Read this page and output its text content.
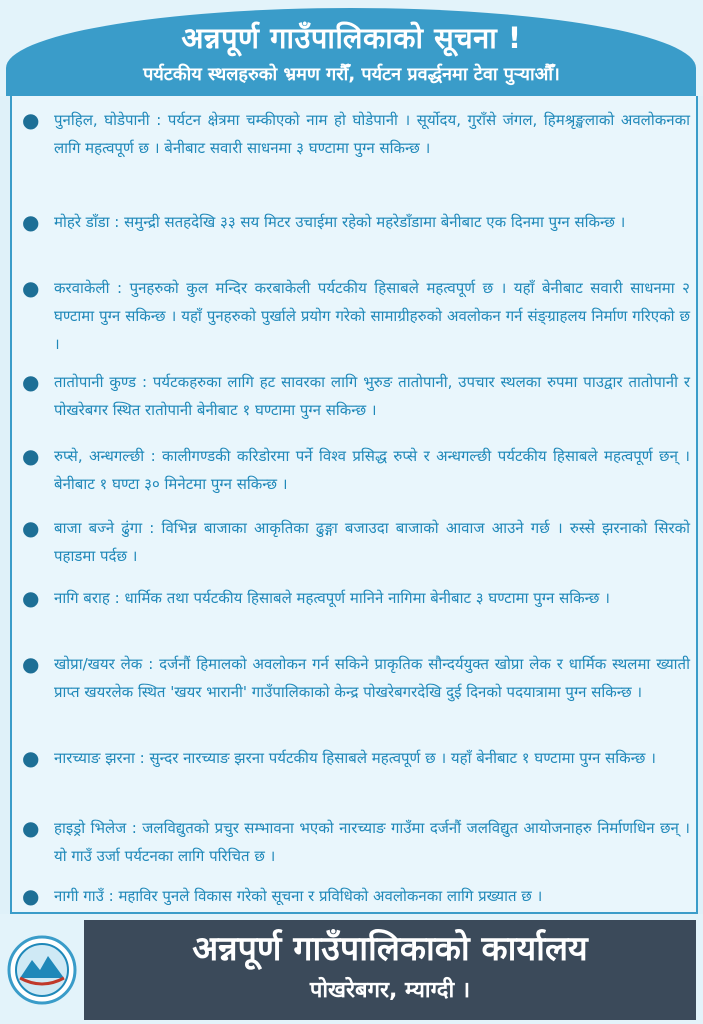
अन्नपूर्ण गाउँपालिकाको सूचना !
पर्यटकीय स्थलहरुको भ्रमण गरौँ, पर्यटन प्रवर्द्धनमा टेवा पुर्‍याऔँ।
● पुनहिल, घोडेपानी : पर्यटन क्षेत्रमा चम्कीएको नाम हो घोडेपानी । सूर्योदय, गुराँसे जंगल, हिमश्रृङ्खलाको अवलोकनका लागि महत्वपूर्ण छ । बेनीबाट सवारी साधनमा ३ घण्टामा पुग्न सकिन्छ ।
● मोहरे डाँडा : समुन्द्री सतहदेखि ३३ सय मिटर उचाईमा रहेको महरेडाँडामा बेनीबाट एक दिनमा पुग्न सकिन्छ ।
● करवाकेली : पुनहरुको कुल मन्दिर करबाकेली पर्यटकीय हिसाबले महत्वपूर्ण छ । यहाँ बेनीबाट सवारी साधनमा २ घण्टामा पुग्न सकिन्छ । यहाँ पुनहरुको पुर्खाले प्रयोग गरेको सामाग्रीहरुको अवलोकन गर्न संङ्ग्राहलय निर्माण गरिएको छ ।
● तातोपानी कुण्ड : पर्यटकहरुका लागि हट सावरका लागि भुरुङ तातोपानी, उपचार स्थलका रुपमा पाउद्वार तातोपानी र पोखरेबगर स्थित रातोपानी बेनीबाट १ घण्टामा पुग्न सकिन्छ ।
● रुप्से, अन्धगल्छी : कालीगण्डकी करिडोरमा पर्ने विश्व प्रसिद्ध रुप्से र अन्धगल्छी पर्यटकीय हिसाबले महत्वपूर्ण छन् । बेनीबाट १ घण्टा ३० मिनेटमा पुग्न सकिन्छ ।
● बाजा बज्ने ढुंगा : विभिन्न बाजाका आकृतिका ढुङ्गा बजाउदा बाजाको आवाज आउने गर्छ । रुस्से झरनाको सिरको पहाडमा पर्दछ ।
● नागि बराह : धार्मिक तथा पर्यटकीय हिसाबले महत्वपूर्ण मानिने नागिमा बेनीबाट ३ घण्टामा पुग्न सकिन्छ ।
● खोप्रा/खयर लेक : दर्जनौं हिमालको अवलोकन गर्न सकिने प्राकृतिक सौन्दर्ययुक्त खोप्रा लेक र धार्मिक स्थलमा ख्याती प्राप्त खयरलेक स्थित 'खयर भारानी' गाउँपालिकाको केन्द्र पोखरेबगरदेखि दुई दिनको पदयात्रामा पुग्न सकिन्छ ।
● नारच्याङ झरना : सुन्दर नारच्याङ झरना पर्यटकीय हिसाबले महत्वपूर्ण छ । यहाँ बेनीबाट १ घण्टामा पुग्न सकिन्छ ।
● हाइड्रो भिलेज : जलविद्युतको प्रचुर सम्भावना भएको नारच्याङ गाउँमा दर्जनौं जलविद्युत आयोजनाहरु निर्माणधिन छन् । यो गाउँ उर्जा पर्यटनका लागि परिचित छ ।
● नागी गाउँ : महाविर पुनले विकास गरेको सूचना र प्रविधिको अवलोकनका लागि प्रख्यात छ ।
अन्नपूर्ण गाउँपालिकाको कार्यालय
पोखरेबगर, म्याग्दी ।
